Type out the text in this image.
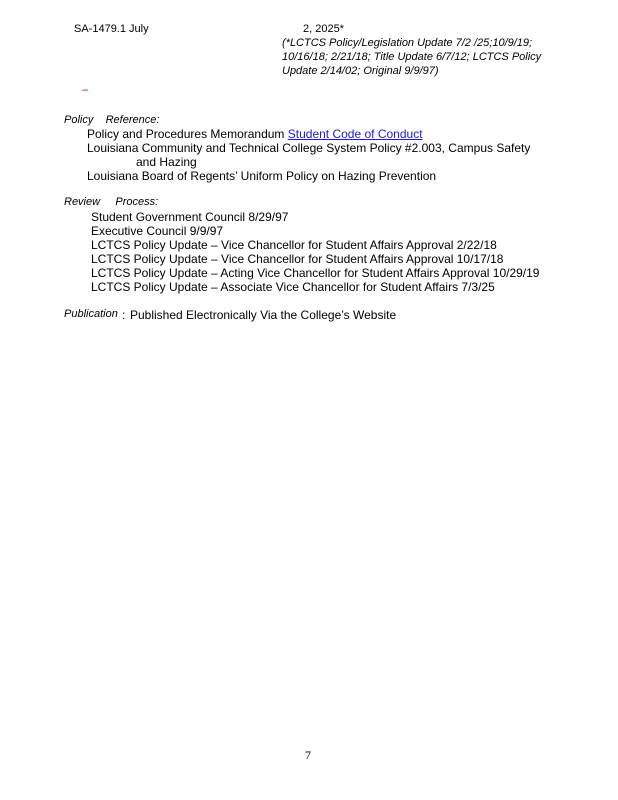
SA-1479.1 July	2, 2025*
(*LCTCS Policy/Legislation Update 7/2 /25;10/9/19;
10/16/18; 2/21/18; Title Update 6/7/12; LCTCS Policy
Update 2/14/02; Original 9/9/97)
–
Policy Reference:
Policy and Procedures Memorandum Student Code of Conduct
Louisiana Community and Technical College System Policy #2.003, Campus Safety
and Hazing
Louisiana Board of Regents’ Uniform Policy on Hazing Prevention
Review Process:
Student Government Council 8/29/97
Executive Council 9/9/97
LCTCS Policy Update – Vice Chancellor for Student Affairs Approval 2/22/18
LCTCS Policy Update – Vice Chancellor for Student Affairs Approval 10/17/18
LCTCS Policy Update – Acting Vice Chancellor for Student Affairs Approval 10/29/19
LCTCS Policy Update – Associate Vice Chancellor for Student Affairs 7/3/25
Publication : Published Electronically Via the College’s Website
7
